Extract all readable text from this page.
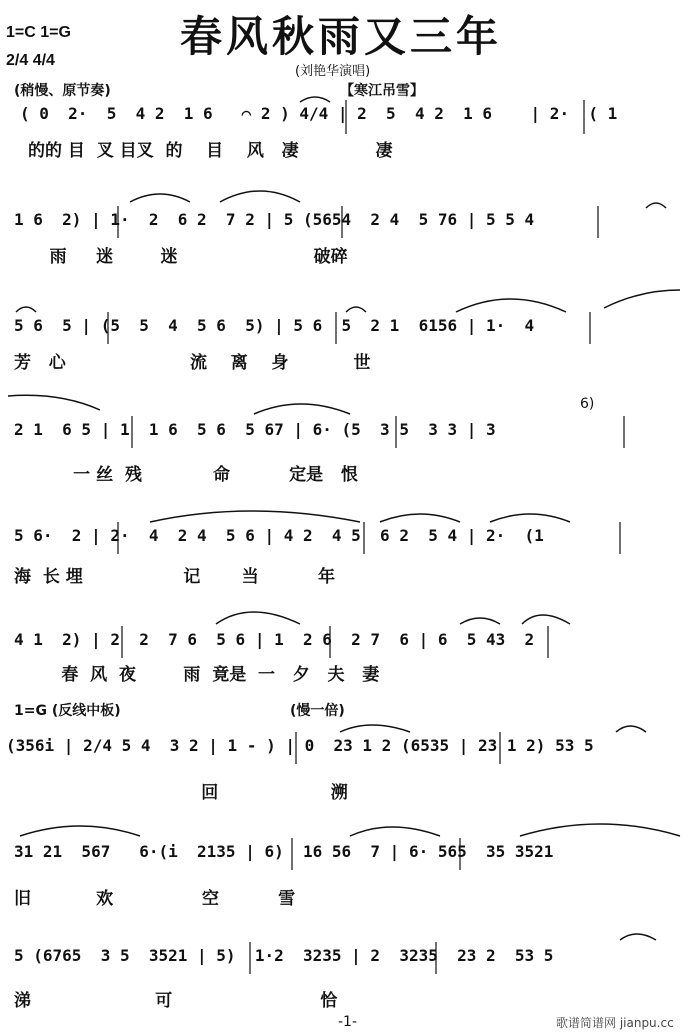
春风秋雨又三年
(刘艳华演唱)
1=C 1=G
2/4 4/4
(稍慢、原节奏)	【寒江吊雪】
( 0  2·  5  4 2  1 6   ⌒ 2 ) 4/4 | 2  5  4 2  1 6    | 2·  ( 1
的的 目  叉 目叉  的    目    风   凄             凄
1 6  2) | 1·  2  6 2  7 2 | 5 (5654  2 4  5 76 | 5 5 4
雨     迷        迷                       破碎
5 6  5 | (5  5  4  5 6  5) | 5 6  5  2 1  6156 | 1·  4
芳   心                     流    离    身           世
6)
2 1  6 5 | 1  1 6  5 6  5 67 | 6· (5  3 5  3 3 | 3
一 丝  残            命          定是   恨
5 6·  2 | 2·  4  2 4  5 6 | 4 2  4 5  6 2  5 4 | 2·  (1
海  长 埋                 记       当          年
4 1  2) | 2  2  7 6  5 6 | 1  2 6  2 7  6 | 6  5 43  2
春  风  夜        雨  竟是  一   夕   夫   妻
1=G (反线中板)	(慢一倍)
(356i | 2/4 5 4  3 2 | 1 - ) | 0  23 1 2 (6535 | 23 1 2) 53 5
回                   溯
31 21  567   6·(i  2135 | 6)  16 56  7 | 6· 565  35 3521
旧           欢               空          雪
5 (6765  3 5  3521 | 5)  1·2  3235 | 2  3235  23 2  53 5
涕                     可                         恰
-1-	歌谱简谱网 jianpu.cc
